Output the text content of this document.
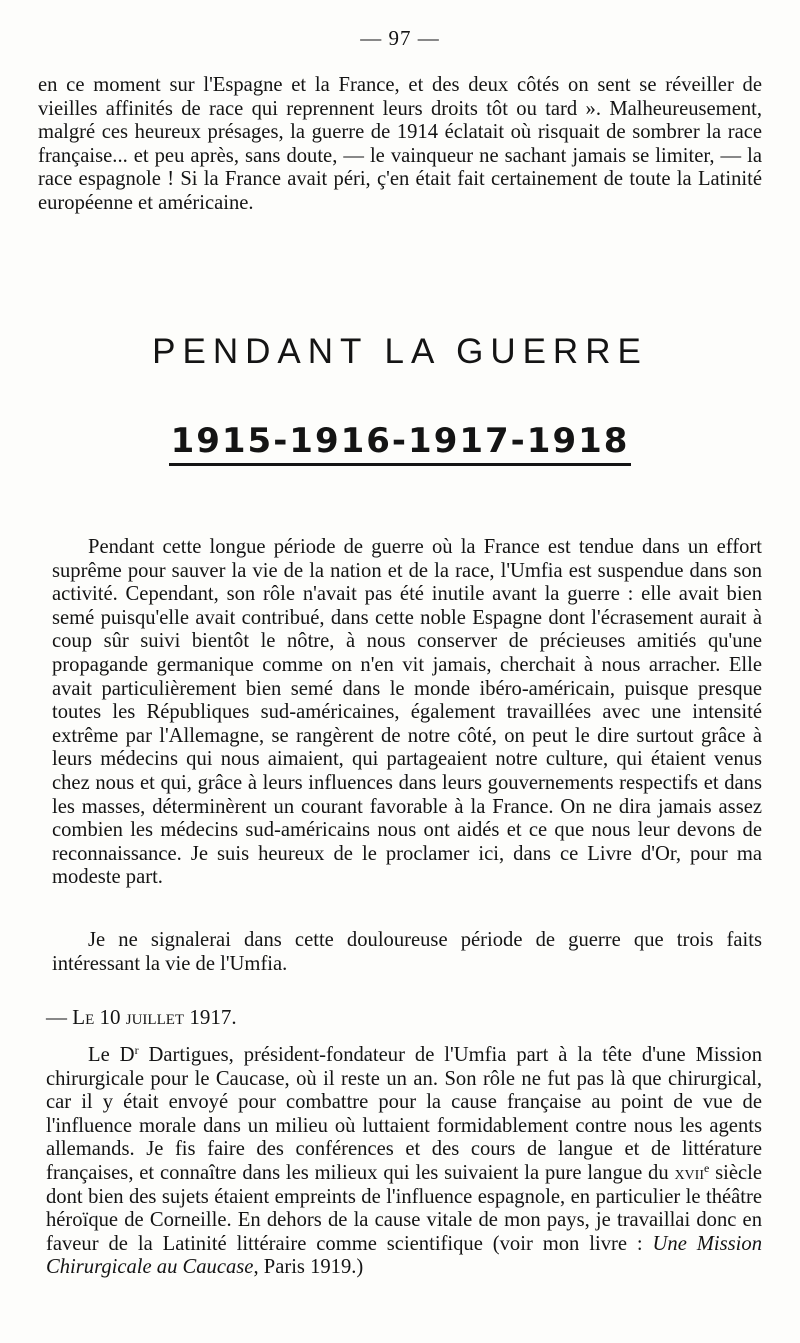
— 97 —

en ce moment sur l'Espagne et la France, et des deux côtés on sent se réveiller de vieilles affinités de race qui reprennent leurs droits tôt ou tard ». Malheureusement, malgré ces heureux présages, la guerre de 1914 éclatait où risquait de sombrer la race française... et peu après, sans doute, — le vainqueur ne sachant jamais se limiter, — la race espagnole ! Si la France avait péri, ç'en était fait certainement de toute la Latinité européenne et américaine.

PENDANT LA GUERRE
1915-1916-1917-1918

Pendant cette longue période de guerre où la France est tendue dans un effort suprême pour sauver la vie de la nation et de la race, l'Umfia est suspendue dans son activité. Cependant, son rôle n'avait pas été inutile avant la guerre : elle avait bien semé puisqu'elle avait contribué, dans cette noble Espagne dont l'écrasement aurait à coup sûr suivi bientôt le nôtre, à nous conserver de précieuses amitiés qu'une propagande germanique comme on n'en vit jamais, cherchait à nous arracher. Elle avait particulièrement bien semé dans le monde ibéro-américain, puisque presque toutes les Républiques sud-américaines, également travaillées avec une intensité extrême par l'Allemagne, se rangèrent de notre côté, on peut le dire surtout grâce à leurs médecins qui nous aimaient, qui partageaient notre culture, qui étaient venus chez nous et qui, grâce à leurs influences dans leurs gouvernements respectifs et dans les masses, déterminèrent un courant favorable à la France. On ne dira jamais assez combien les médecins sud-américains nous ont aidés et ce que nous leur devons de reconnaissance. Je suis heureux de le proclamer ici, dans ce Livre d'Or, pour ma modeste part.

Je ne signalerai dans cette douloureuse période de guerre que trois faits intéressant la vie de l'Umfia.

— Le 10 juillet 1917.

Le $D^r$ Dartigues, président-fondateur de l'Umfia part à la tête d'une Mission chirurgicale pour le Caucase, où il reste un an. Son rôle ne fut pas là que chirurgical, car il y était envoyé pour combattre pour la cause française au point de vue de l'influence morale dans un milieu où luttaient formidablement contre nous les agents allemands. Je fis faire des conférences et des cours de langue et de littérature françaises, et connaître dans les milieux qui les suivaient la pure langue du xvii$^e$ siècle dont bien des sujets étaient empreints de l'influence espagnole, en particulier le théâtre héroïque de Corneille. En dehors de la cause vitale de mon pays, je travaillai donc en faveur de la Latinité littéraire comme scientifique (voir mon livre : Une Mission Chirurgicale au Caucase, Paris 1919.)
